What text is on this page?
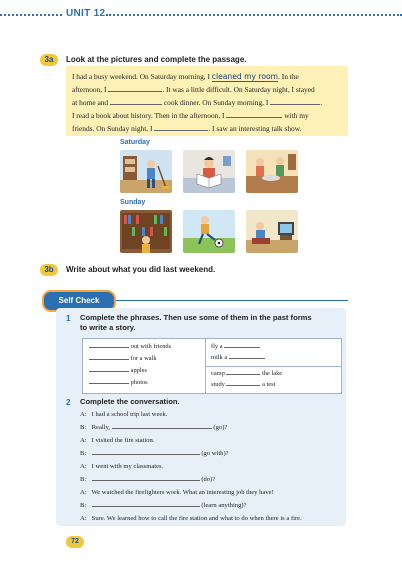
UNIT 12
3a	Look at the pictures and complete the passage.
I had a busy weekend. On Saturday morning, I cleaned my room. In the
afternoon, I	. It was a little difficult. On Saturday night, I stayed
at home and	cook dinner. On Sunday morning, I	.
I read a book about history. Then in the afternoon, I	with my
friends. On Sunday night, I	. I saw an interesting talk show.
Saturday
Sunday
3b	Write about what you did last weekend.
Self Check
1 Complete the phrases. Then use some of them in the past forms
to write a story.
out with friends
for a walk
apples
photos
fly a
milk a
camp	the lake
study	a test
2 Complete the conversation.
A: I had a school trip last week.
B: Really,	(go)?
A: I visited the fire station.
B:	(go with)?
A: I went with my classmates.
B:	(do)?
A: We watched the firefighters work. What an interesting job they have!
B:	(learn anything)?
A: Sure. We learned how to call the fire station and what to do when there is a fire.
72
